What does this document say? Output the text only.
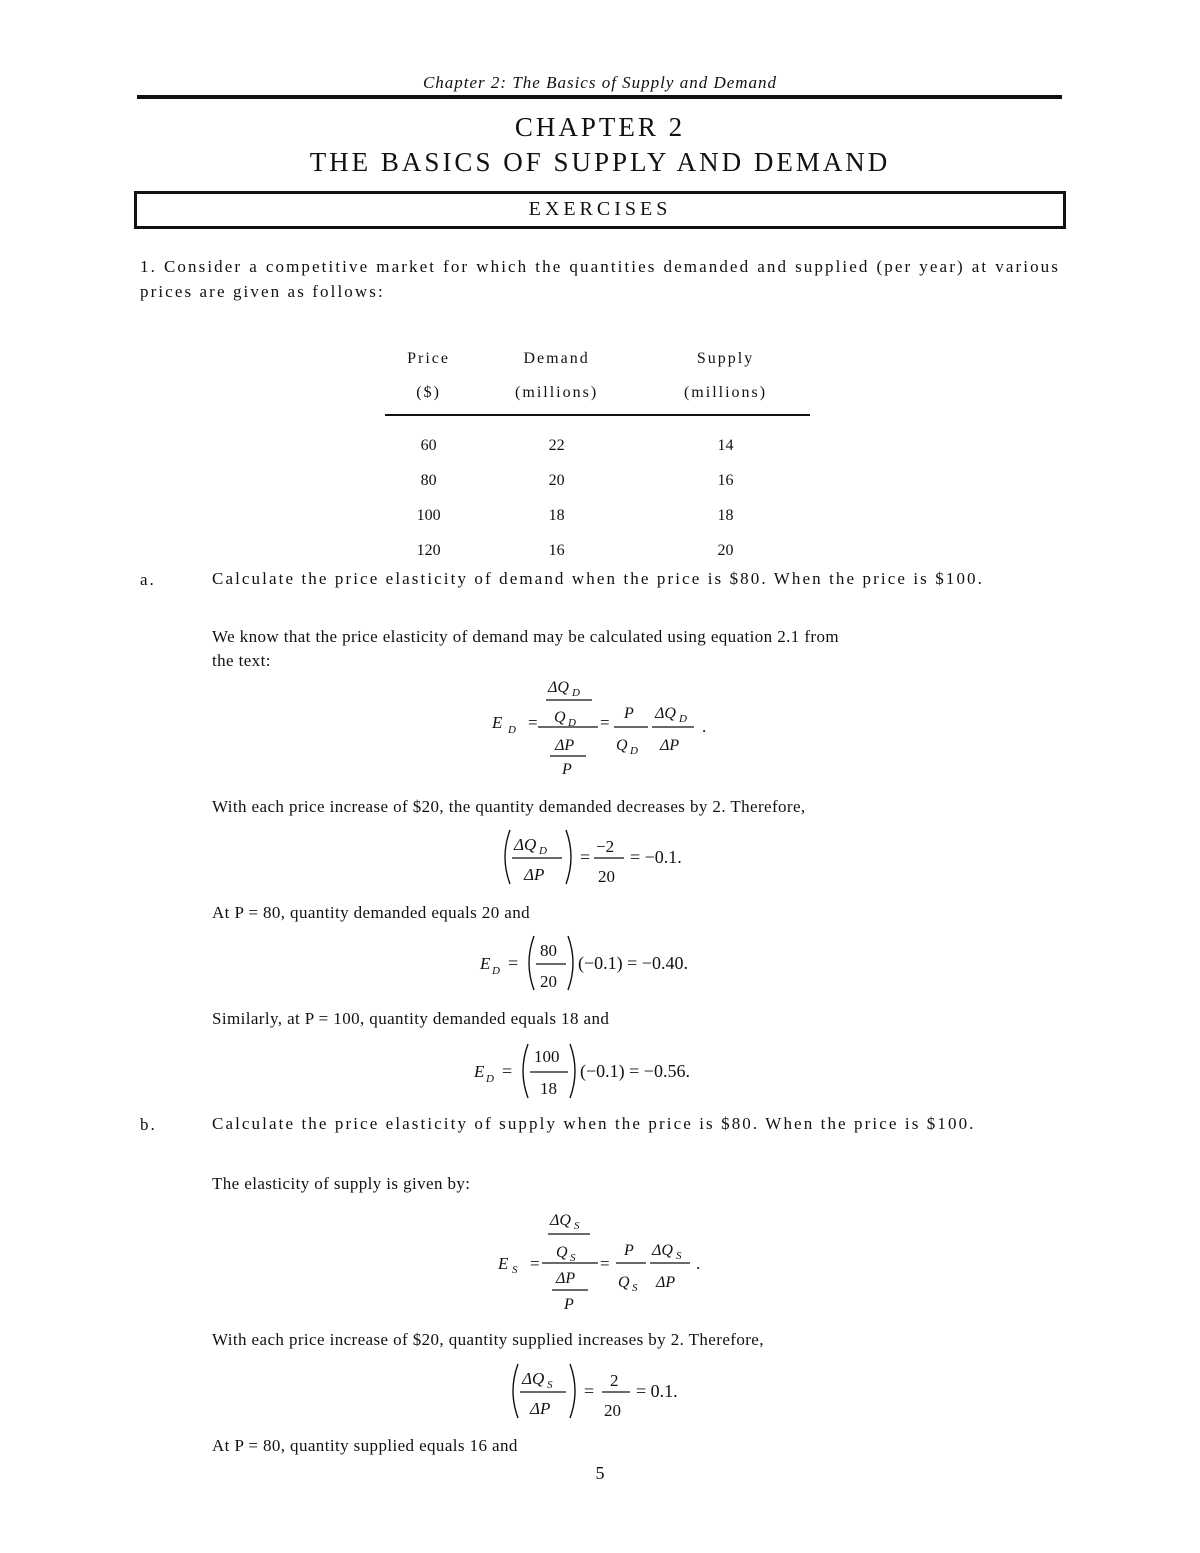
Chapter 2: The Basics of Supply and Demand
CHAPTER 2
THE BASICS OF SUPPLY AND DEMAND
EXERCISES
1. Consider a competitive market for which the quantities demanded and supplied (per year) at various prices are given as follows:
Price	Demand	Supply
($)	(millions)	(millions)
60	22	14
80	20	16
100	18	18
120	16	20
a.	Calculate the price elasticity of demand when the price is $80. When the price is $100.
We know that the price elasticity of demand may be calculated using equation 2.1 from
the text:
E D =
ΔQ D
Q D
ΔP
P
= P
Q D
ΔQ D
ΔP
.
With each price increase of $20, the quantity demanded decreases by 2. Therefore,
ΔQ D
ΔP
=
−2
20
= −0.1.
At P = 80, quantity demanded equals 20 and
E D =
80
20
(−0.1) = −0.40.
Similarly, at P = 100, quantity demanded equals 18 and
E D =
100
18
(−0.1) = −0.56.
b.	Calculate the price elasticity of supply when the price is $80. When the price is $100.
The elasticity of supply is given by:
E S =
ΔQ S
Q S
ΔP
P
=
P
Q S
ΔQ S
ΔP
.
With each price increase of $20, quantity supplied increases by 2. Therefore,
ΔQ S
ΔP
=
2
20
= 0.1.
At P = 80, quantity supplied equals 16 and
5
